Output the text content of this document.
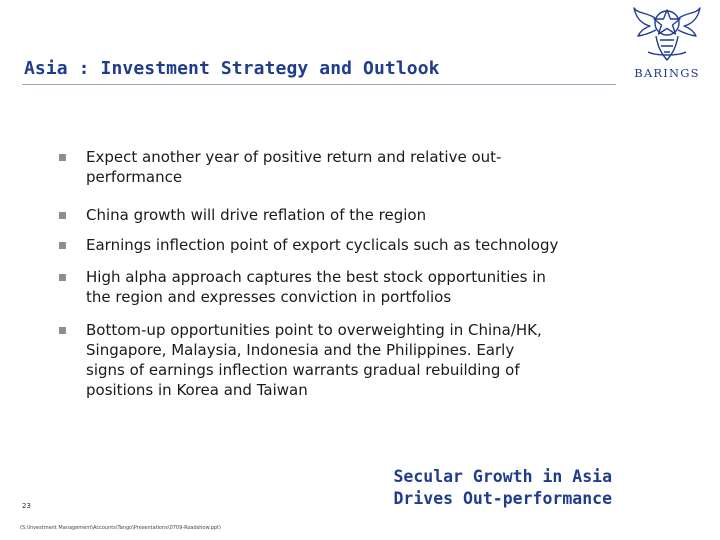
Asia : Investment Strategy and Outlook	BARINGS
Expect another year of positive return and relative out-
performance
China growth will drive reflation of the region
Earnings inflection point of export cyclicals such as technology
High alpha approach captures the best stock opportunities in
the region and expresses conviction in portfolios
Bottom-up opportunities point to overweighting in China/HK,
Singapore, Malaysia, Indonesia and the Philippines. Early
signs of earnings inflection warrants gradual rebuilding of
positions in Korea and Taiwan
Secular Growth in Asia
Drives Out-performance
23
(S:\Investment Management\Accounts\Tango\Presentations\0709-Roadshow.ppt)
